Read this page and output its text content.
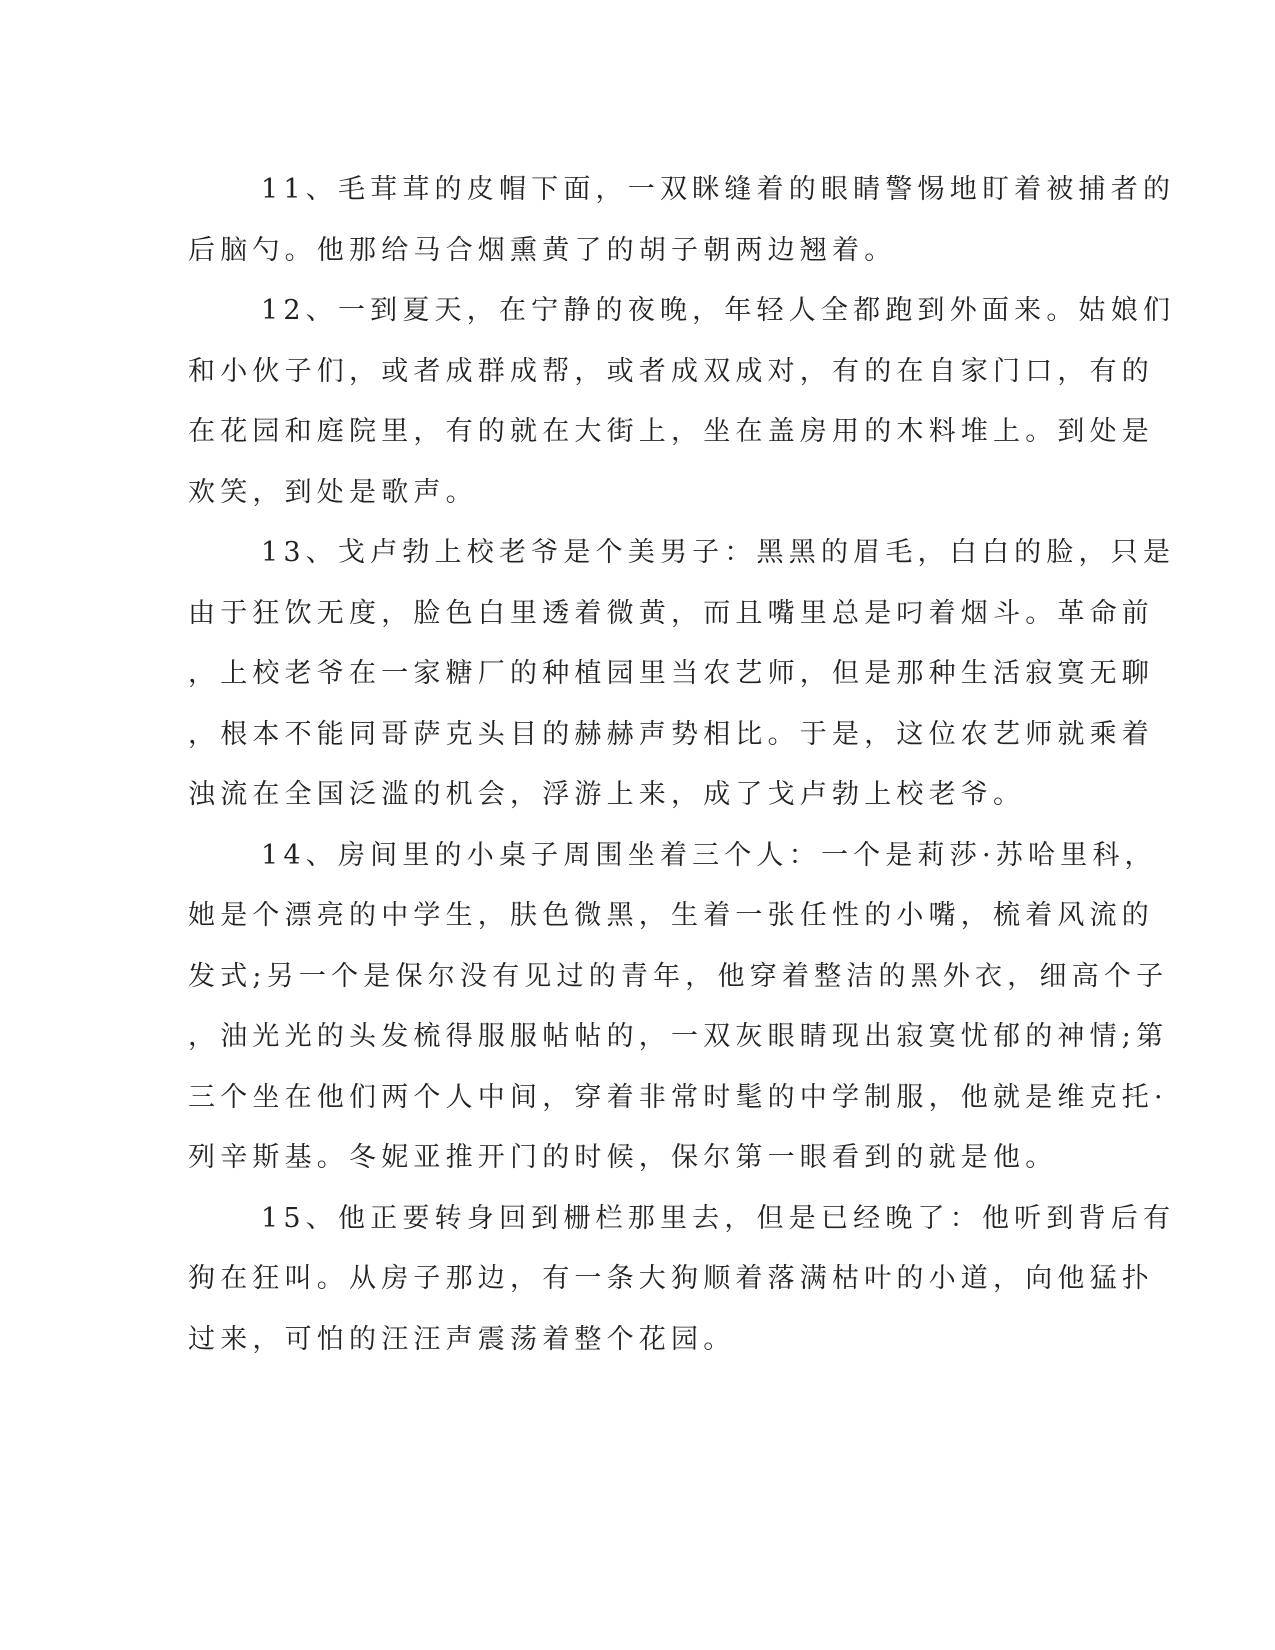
11、毛茸茸的皮帽下面，一双眯缝着的眼睛警惕地盯着被捕者的
后脑勺。他那给马合烟熏黄了的胡子朝两边翘着。

12、一到夏天，在宁静的夜晚，年轻人全都跑到外面来。姑娘们
和小伙子们，或者成群成帮，或者成双成对，有的在自家门口，有的
在花园和庭院里，有的就在大街上，坐在盖房用的木料堆上。到处是
欢笑，到处是歌声。

13、戈卢勃上校老爷是个美男子：黑黑的眉毛，白白的脸，只是
由于狂饮无度，脸色白里透着微黄，而且嘴里总是叼着烟斗。革命前
，上校老爷在一家糖厂的种植园里当农艺师，但是那种生活寂寞无聊
，根本不能同哥萨克头目的赫赫声势相比。于是，这位农艺师就乘着
浊流在全国泛滥的机会，浮游上来，成了戈卢勃上校老爷。

14、房间里的小桌子周围坐着三个人：一个是莉莎·苏哈里科，
她是个漂亮的中学生，肤色微黑，生着一张任性的小嘴，梳着风流的
发式;另一个是保尔没有见过的青年，他穿着整洁的黑外衣，细高个子
，油光光的头发梳得服服帖帖的，一双灰眼睛现出寂寞忧郁的神情;第
三个坐在他们两个人中间，穿着非常时髦的中学制服，他就是维克托·
列辛斯基。冬妮亚推开门的时候，保尔第一眼看到的就是他。

15、他正要转身回到栅栏那里去，但是已经晚了：他听到背后有
狗在狂叫。从房子那边，有一条大狗顺着落满枯叶的小道，向他猛扑
过来，可怕的汪汪声震荡着整个花园。
